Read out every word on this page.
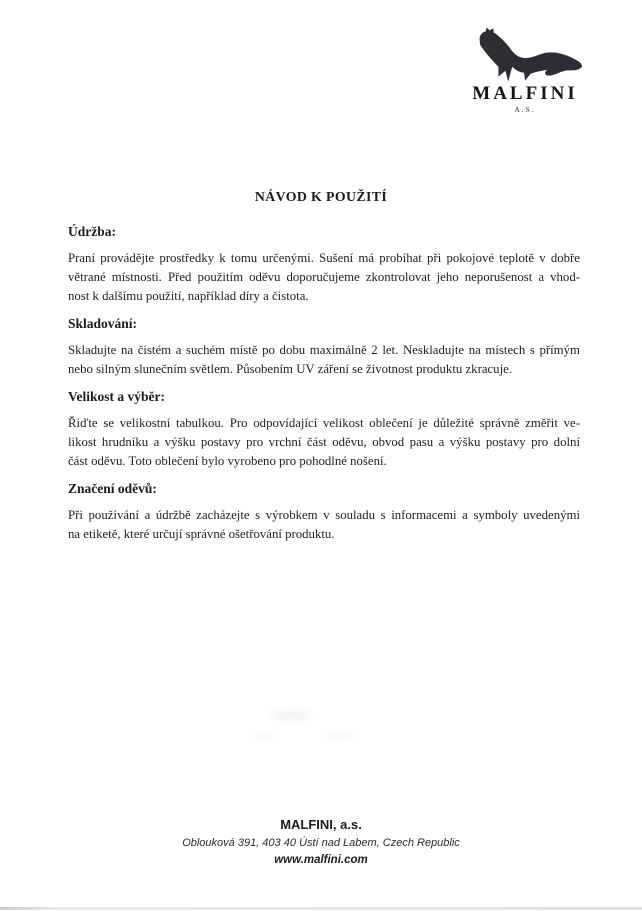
MALFINI
A.S.
NÁVOD K POUŽITÍ
Údržba:
Praní provádějte prostředky k tomu určenými. Sušení má probíhat při pokojové teplotě v dobře
větrané místnosti. Před použitím oděvu doporučujeme zkontrolovat jeho neporušenost a vhod-
nost k dalšímu použití, například díry a čistota.
Skladování:
Skladujte na čistém a suchém místě po dobu maximálně 2 let. Neskladujte na místech s přímým
nebo silným slunečním světlem. Působením UV záření se životnost produktu zkracuje.
Velikost a výběr:
Řiďte se velikostní tabulkou. Pro odpovídající velikost oblečení je důležité správně změřit ve-
likost hrudníku a výšku postavy pro vrchní část oděvu, obvod pasu a výšku postavy pro dolní
část oděvu. Toto oblečení bylo vyrobeno pro pohodlné nošení.
Značení oděvů:
Při používání a údržbě zacházejte s výrobkem v souladu s informacemi a symboly uvedenými
na etiketě, které určují správné ošetřování produktu.
MALFINI, a.s.
Oblouková 391, 403 40 Ústí nad Labem, Czech Republic
www.malfini.com
